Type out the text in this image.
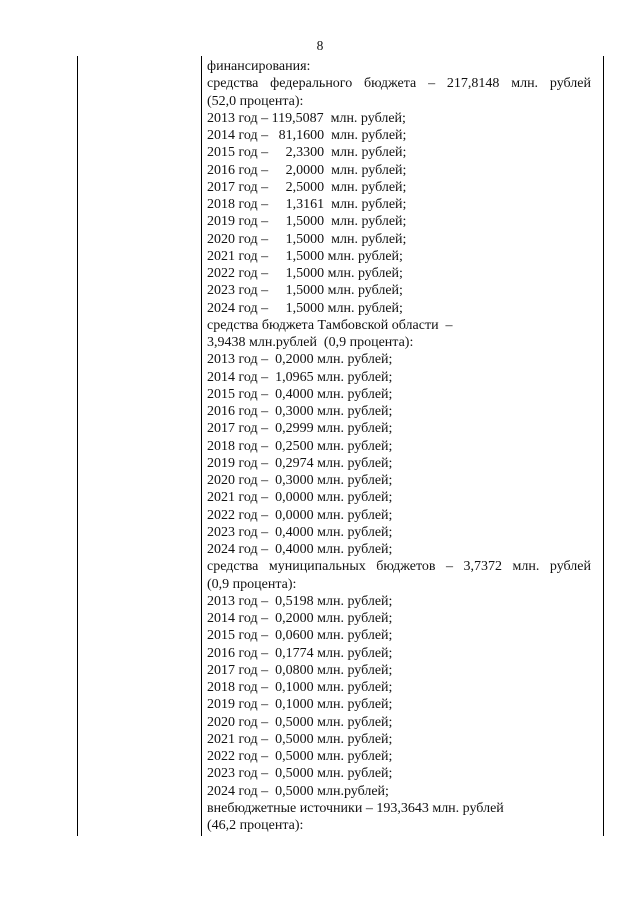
8
финансирования:
средства федерального бюджета – 217,8148 млн. рублей
(52,0 процента):
2013 год – 119,5087  млн. рублей;
2014 год –   81,1600  млн. рублей;
2015 год –     2,3300  млн. рублей;
2016 год –     2,0000  млн. рублей;
2017 год –     2,5000  млн. рублей;
2018 год –     1,3161  млн. рублей;
2019 год –     1,5000  млн. рублей;
2020 год –     1,5000  млн. рублей;
2021 год –     1,5000 млн. рублей;
2022 год –     1,5000 млн. рублей;
2023 год –     1,5000 млн. рублей;
2024 год –     1,5000 млн. рублей;
средства бюджета Тамбовской области  –
3,9438 млн.рублей  (0,9 процента):
2013 год –  0,2000 млн. рублей;
2014 год –  1,0965 млн. рублей;
2015 год –  0,4000 млн. рублей;
2016 год –  0,3000 млн. рублей;
2017 год –  0,2999 млн. рублей;
2018 год –  0,2500 млн. рублей;
2019 год –  0,2974 млн. рублей;
2020 год –  0,3000 млн. рублей;
2021 год –  0,0000 млн. рублей;
2022 год –  0,0000 млн. рублей;
2023 год –  0,4000 млн. рублей;
2024 год –  0,4000 млн. рублей;
средства муниципальных бюджетов – 3,7372 млн. рублей
(0,9 процента):
2013 год –  0,5198 млн. рублей;
2014 год –  0,2000 млн. рублей;
2015 год –  0,0600 млн. рублей;
2016 год –  0,1774 млн. рублей;
2017 год –  0,0800 млн. рублей;
2018 год –  0,1000 млн. рублей;
2019 год –  0,1000 млн. рублей;
2020 год –  0,5000 млн. рублей;
2021 год –  0,5000 млн. рублей;
2022 год –  0,5000 млн. рублей;
2023 год –  0,5000 млн. рублей;
2024 год –  0,5000 млн.рублей;
внебюджетные источники – 193,3643 млн. рублей
(46,2 процента):
